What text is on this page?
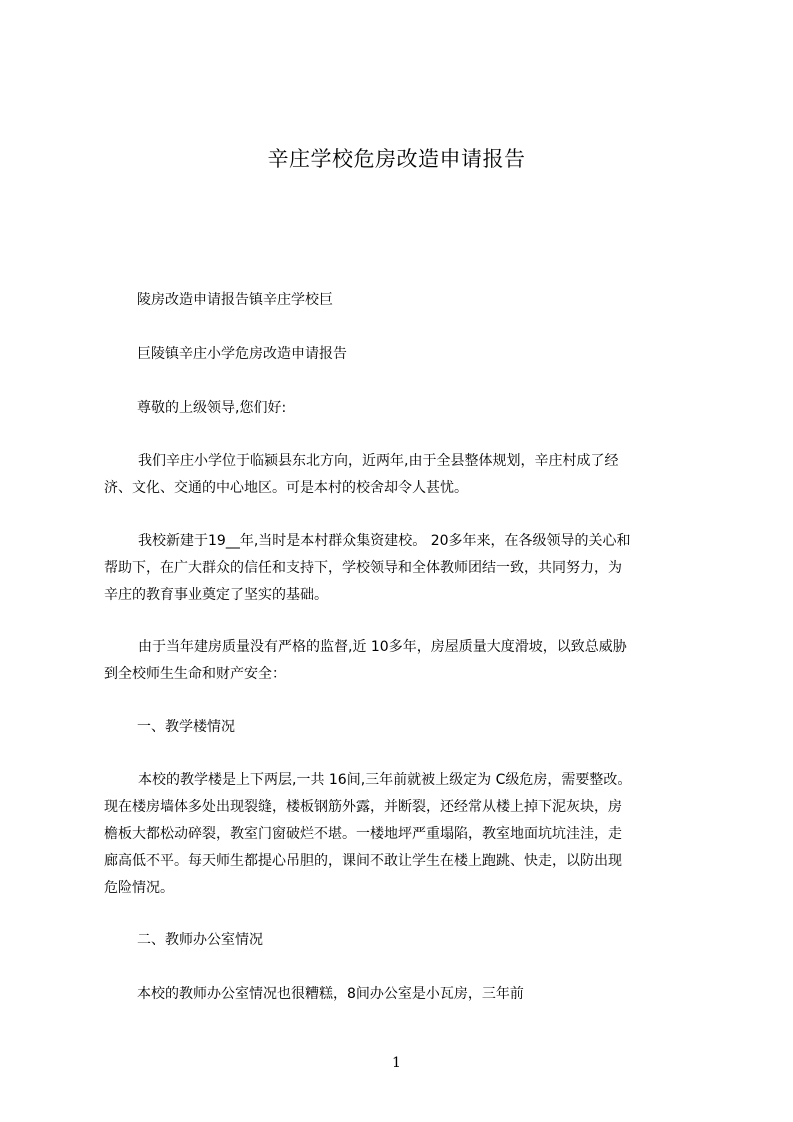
辛庄学校危房改造申请报告
陵房改造申请报告镇辛庄学校巨
巨陵镇辛庄小学危房改造申请报告
尊敬的上级领导,您们好:
我们辛庄小学位于临颍县东北方向，近两年,由于全县整体规划，辛庄村成了经
济、文化、交通的中心地区。可是本村的校舍却令人甚忧。
我校新建于19__年,当时是本村群众集资建校。 20多年来，在各级领导的关心和
帮助下，在广大群众的信任和支持下，学校领导和全体教师团结一致，共同努力，为
辛庄的教育事业奠定了坚实的基础。
由于当年建房质量没有严格的监督,近 10多年，房屋质量大度滑坡，以致总威胁
到全校师生生命和财产安全：
一、教学楼情况
本校的教学楼是上下两层,一共 16间,三年前就被上级定为 C级危房，需要整改。
现在楼房墙体多处出现裂缝，楼板钢筋外露，并断裂，还经常从楼上掉下泥灰块，房
檐板大都松动碎裂，教室门窗破烂不堪。一楼地坪严重塌陷，教室地面坑坑洼洼，走
廊高低不平。每天师生都提心吊胆的，课间不敢让学生在楼上跑跳、快走，以防出现
危险情况。
二、教师办公室情况
本校的教师办公室情况也很糟糕，8间办公室是小瓦房，三年前
1
